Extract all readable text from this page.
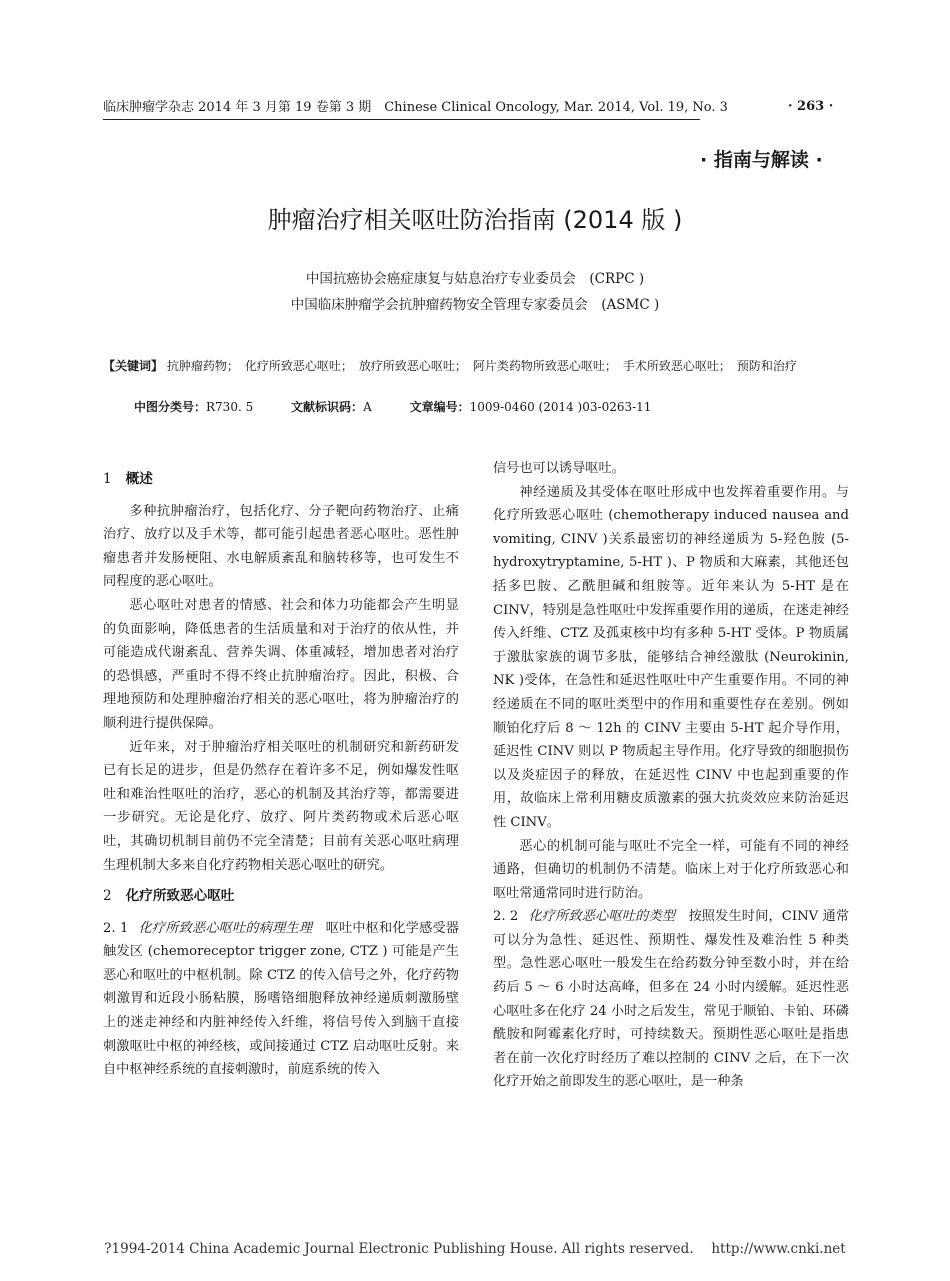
临床肿瘤学杂志 2014 年 3 月第 19 卷第 3 期　Chinese Clinical Oncology, Mar. 2014, Vol. 19, No. 3	· 263 ·
· 指南与解读 ·
肿瘤治疗相关呕吐防治指南 (2014 版 )
中国抗癌协会癌症康复与姑息治疗专业委员会　(CRPC )
中国临床肿瘤学会抗肿瘤药物安全管理专家委员会　(ASMC )
【关键词】 抗肿瘤药物；　化疗所致恶心呕吐；　放疗所致恶心呕吐；　阿片类药物所致恶心呕吐；　手术所致恶心呕吐；　预防和治疗
中图分类号：R730. 5	文献标识码：A	文章编号：1009-0460 (2014 )03-0263-11
1 概述

多种抗肿瘤治疗，包括化疗、分子靶向药物治疗、止痛治疗、放疗以及手术等，都可能引起患者恶心呕吐。恶性肿瘤患者并发肠梗阻、水电解质紊乱和脑转移等，也可发生不同程度的恶心呕吐。

恶心呕吐对患者的情感、社会和体力功能都会产生明显的负面影响，降低患者的生活质量和对于治疗的依从性，并可能造成代谢紊乱、营养失调、体重减轻，增加患者对治疗的恐惧感，严重时不得不终止抗肿瘤治疗。因此，积极、合理地预防和处理肿瘤治疗相关的恶心呕吐，将为肿瘤治疗的顺利进行提供保障。

近年来，对于肿瘤治疗相关呕吐的机制研究和新药研发已有长足的进步，但是仍然存在着许多不足，例如爆发性呕吐和难治性呕吐的治疗，恶心的机制及其治疗等，都需要进一步研究。无论是化疗、放疗、阿片类药物或术后恶心呕吐，其确切机制目前仍不完全清楚；目前有关恶心呕吐病理生理机制大多来自化疗药物相关恶心呕吐的研究。

2 化疗所致恶心呕吐

2. 1 化疗所致恶心呕吐的病理生理　 呕吐中枢和化学感受器触发区 (chemoreceptor trigger zone, CTZ ) 可能是产生恶心和呕吐的中枢机制。除 CTZ 的传入信号之外，化疗药物刺激胃和近段小肠粘膜，肠嗜铬细胞释放神经递质刺激肠壁上的迷走神经和内脏神经传入纤维，将信号传入到脑干直接刺激呕吐中枢的神经核，或间接通过 CTZ 启动呕吐反射。来自中枢神经系统的直接刺激时，前庭系统的传入

信号也可以诱导呕吐。

神经递质及其受体在呕吐形成中也发挥着重要作用。与化疗所致恶心呕吐 (chemotherapy induced nausea and vomiting, CINV )关系最密切的神经递质为 5-羟色胺 (5-hydroxytryptamine, 5-HT )、P 物质和大麻素，其他还包括多巴胺、乙酰胆碱和组胺等。近年来认为 5-HT 是在 CINV，特别是急性呕吐中发挥重要作用的递质，在迷走神经传入纤维、CTZ 及孤束核中均有多种 5-HT 受体。P 物质属于激肽家族的调节多肽，能够结合神经激肽 (Neurokinin, NK )受体，在急性和延迟性呕吐中产生重要作用。不同的神经递质在不同的呕吐类型中的作用和重要性存在差别。例如顺铂化疗后 8 ～ 12h 的 CINV 主要由 5-HT 起介导作用，延迟性 CINV 则以 P 物质起主导作用。化疗导致的细胞损伤以及炎症因子的释放，在延迟性 CINV 中也起到重要的作用，故临床上常利用糖皮质激素的强大抗炎效应来防治延迟性 CINV。

恶心的机制可能与呕吐不完全一样，可能有不同的神经通路，但确切的机制仍不清楚。临床上对于化疗所致恶心和呕吐常通常同时进行防治。

2. 2 化疗所致恶心呕吐的类型　 按照发生时间，CINV 通常可以分为急性、延迟性、预期性、爆发性及难治性 5 种类型。急性恶心呕吐一般发生在给药数分钟至数小时，并在给药后 5 ～ 6 小时达高峰，但多在 24 小时内缓解。延迟性恶心呕吐多在化疗 24 小时之后发生，常见于顺铂、卡铂、环磷酰胺和阿霉素化疗时，可持续数天。预期性恶心呕吐是指患者在前一次化疗时经历了难以控制的 CINV 之后，在下一次化疗开始之前即发生的恶心呕吐，是一种条

?1994-2014 China Academic Journal Electronic Publishing House. All rights reserved.　 http://www.cnki.net
